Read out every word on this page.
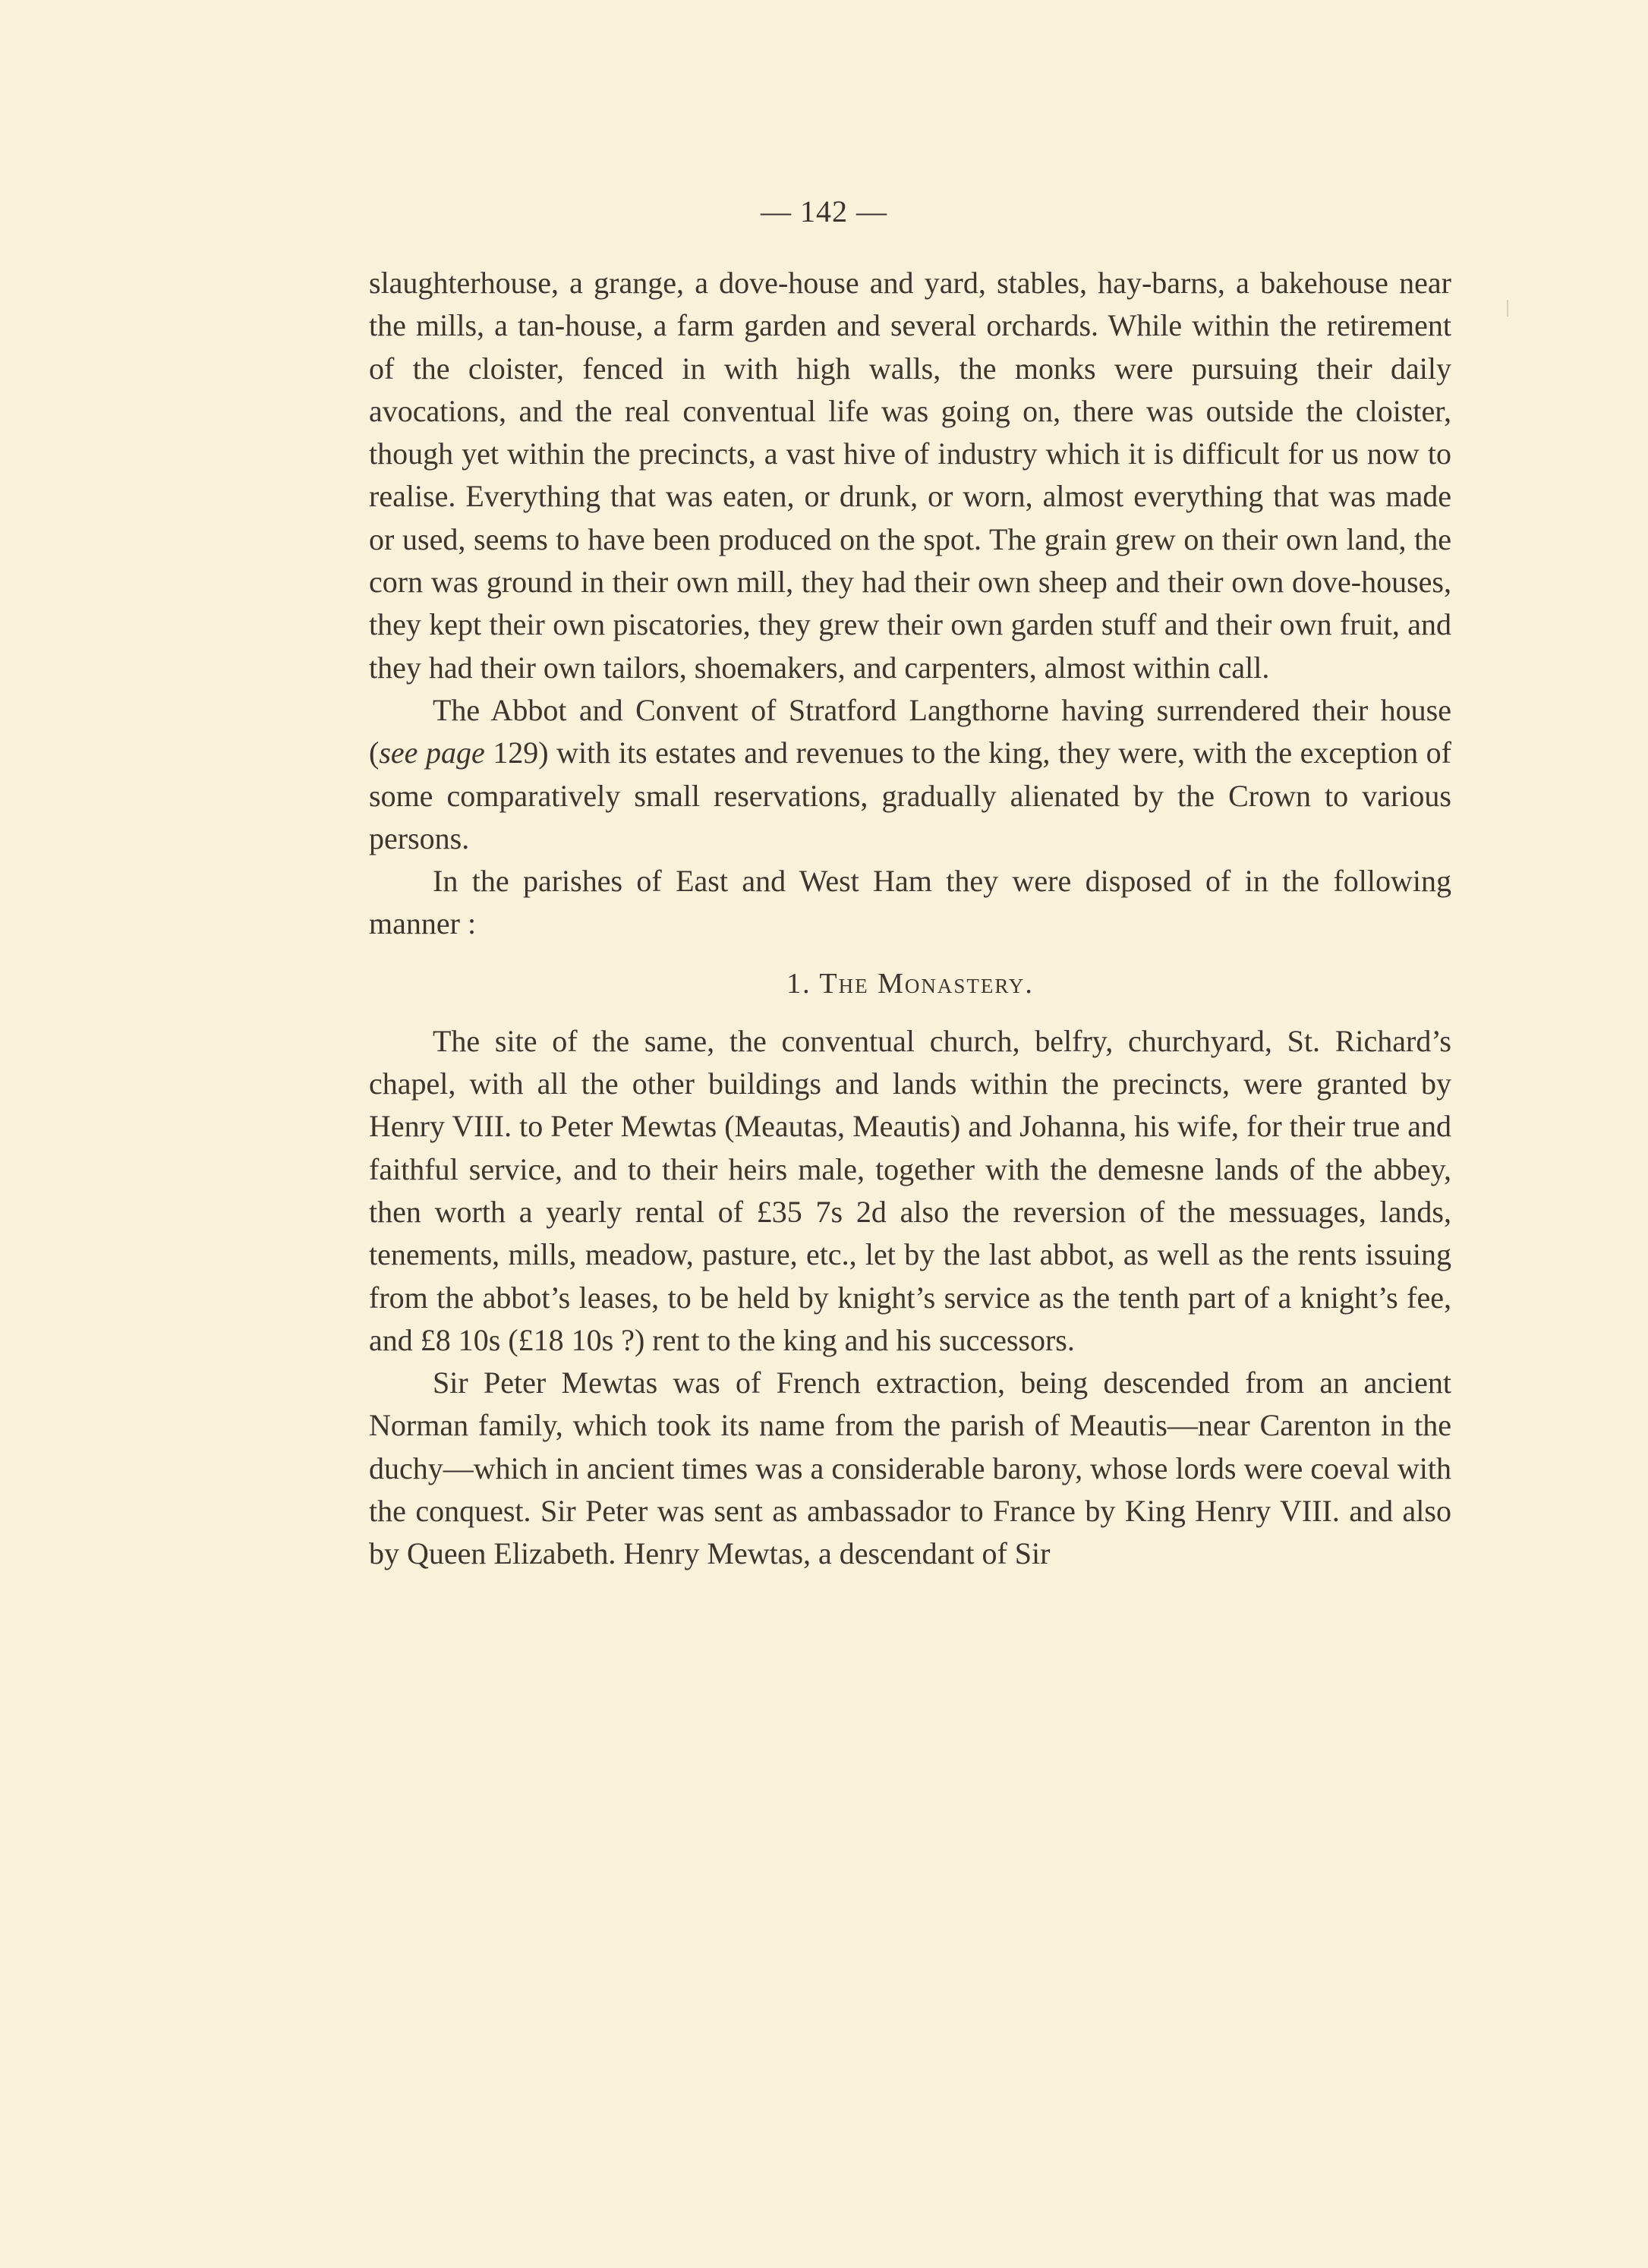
— 142 —

slaughterhouse, a grange, a dove-house and yard, stables, hay-barns, a bakehouse near the mills, a tan-house, a farm garden and several orchards. While within the retirement of the cloister, fenced in with high walls, the monks were pursuing their daily avocations, and the real conventual life was going on, there was outside the cloister, though yet within the precincts, a vast hive of industry which it is difficult for us now to realise. Everything that was eaten, or drunk, or worn, almost everything that was made or used, seems to have been produced on the spot. The grain grew on their own land, the corn was ground in their own mill, they had their own sheep and their own dove-houses, they kept their own piscatories, they grew their own garden stuff and their own fruit, and they had their own tailors, shoemakers, and carpenters, almost within call.

The Abbot and Convent of Stratford Langthorne having surrendered their house (see page 129) with its estates and revenues to the king, they were, with the exception of some comparatively small reservations, gradually alienated by the Crown to various persons.

In the parishes of East and West Ham they were disposed of in the following manner :

1. The Monastery.

The site of the same, the conventual church, belfry, churchyard, St. Richard’s chapel, with all the other buildings and lands within the precincts, were granted by Henry VIII. to Peter Mewtas (Meautas, Meautis) and Johanna, his wife, for their true and faithful service, and to their heirs male, together with the demesne lands of the abbey, then worth a yearly rental of £35 7s 2d also the reversion of the messuages, lands, tenements, mills, meadow, pasture, etc., let by the last abbot, as well as the rents issuing from the abbot’s leases, to be held by knight’s service as the tenth part of a knight’s fee, and £8 10s (£18 10s ?) rent to the king and his successors.

Sir Peter Mewtas was of French extraction, being descended from an ancient Norman family, which took its name from the parish of Meautis—near Carenton in the duchy—which in ancient times was a considerable barony, whose lords were coeval with the conquest. Sir Peter was sent as ambassador to France by King Henry VIII. and also by Queen Elizabeth. Henry Mewtas, a descendant of Sir
